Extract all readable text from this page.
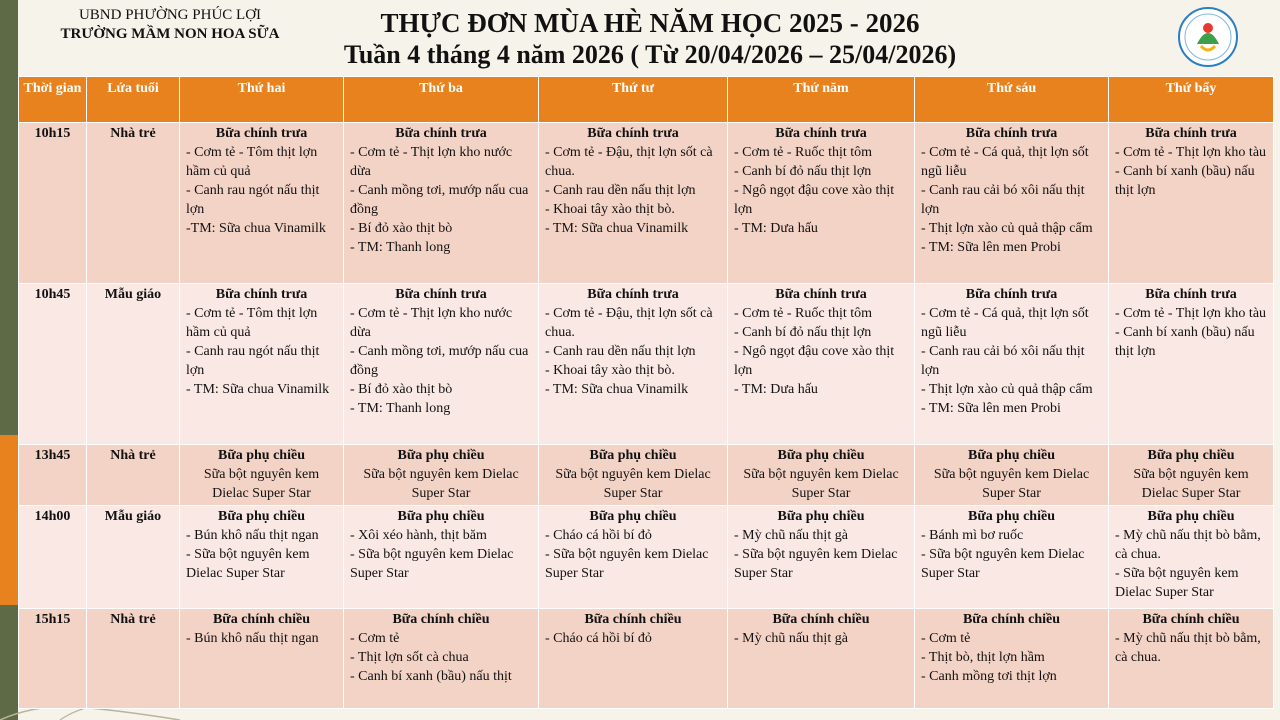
UBND PHƯỜNG PHÚC LỢI
TRƯỜNG MẦM NON HOA SỮA	THỰC ĐƠN MÙA HÈ NĂM HỌC 2025 - 2026
Tuần 4 tháng 4 năm 2026 ( Từ 20/04/2026 – 25/04/2026)
Thời gian	Lứa tuổi	Thứ hai	Thứ ba	Thứ tư	Thứ năm	Thứ sáu	Thứ bẩy
10h15	Nhà trẻ	Bữa chính trưa
- Cơm tẻ - Tôm thịt lợn hầm củ quả
- Canh rau ngót nấu thịt lợn
-TM: Sữa chua Vinamilk	Bữa chính trưa
- Cơm tẻ - Thịt lợn kho nước dừa
- Canh mồng tơi, mướp nấu cua đồng
- Bí đỏ xào thịt bò
- TM: Thanh long	Bữa chính trưa
- Cơm tẻ - Đậu, thịt lợn sốt cà chua.
- Canh rau dền nấu thịt lợn
- Khoai tây xào thịt bò.
- TM: Sữa chua Vinamilk	Bữa chính trưa
- Cơm tẻ - Ruốc thịt tôm
- Canh bí đỏ nấu thịt lợn
- Ngô ngọt đậu cove xào thịt lợn
- TM: Dưa hấu	Bữa chính trưa
- Cơm tẻ - Cá quả, thịt lợn sốt ngũ liễu
- Canh rau cải bó xôi nấu thịt lợn
- Thịt lợn xào củ quả thập cẩm
- TM: Sữa lên men Probi	Bữa chính trưa
- Cơm tẻ - Thịt lợn kho tàu
- Canh bí xanh (bầu) nấu thịt lợn

10h45	Mẫu giáo	Bữa chính trưa
- Cơm tẻ - Tôm thịt lợn hầm củ quả
- Canh rau ngót nấu thịt lợn
- TM: Sữa chua Vinamilk	Bữa chính trưa
- Cơm tẻ - Thịt lợn kho nước dừa
- Canh mồng tơi, mướp nấu cua đồng
- Bí đỏ xào thịt bò
- TM: Thanh long	Bữa chính trưa
- Cơm tẻ - Đậu, thịt lợn sốt cà chua.
- Canh rau dền nấu thịt lợn
- Khoai tây xào thịt bò.
- TM: Sữa chua Vinamilk	Bữa chính trưa
- Cơm tẻ - Ruốc thịt tôm
- Canh bí đỏ nấu thịt lợn
- Ngô ngọt đậu cove xào thịt lợn
- TM: Dưa hấu	Bữa chính trưa
- Cơm tẻ - Cá quả, thịt lợn sốt ngũ liễu
- Canh rau cải bó xôi nấu thịt lợn
- Thịt lợn xào củ quả thập cẩm
- TM: Sữa lên men Probi	Bữa chính trưa
- Cơm tẻ - Thịt lợn kho tàu
- Canh bí xanh (bầu) nấu thịt lợn

13h45	Nhà trẻ	Bữa phụ chiều
Sữa bột nguyên kem Dielac Super Star	Bữa phụ chiều
Sữa bột nguyên kem Dielac Super Star	Bữa phụ chiều
Sữa bột nguyên kem Dielac Super Star	Bữa phụ chiều
Sữa bột nguyên kem Dielac Super Star	Bữa phụ chiều
Sữa bột nguyên kem Dielac Super Star	Bữa phụ chiều
Sữa bột nguyên kem Dielac Super Star

14h00	Mẫu giáo	Bữa phụ chiều
- Bún khô nấu thịt ngan
- Sữa bột nguyên kem Dielac Super Star	Bữa phụ chiều
- Xôi xéo hành, thịt băm
- Sữa bột nguyên kem Dielac Super Star	Bữa phụ chiều
- Cháo cá hồi bí đỏ
- Sữa bột nguyên kem Dielac Super Star	Bữa phụ chiều
- Mỳ chũ nấu thịt gà
- Sữa bột nguyên kem Dielac Super Star	Bữa phụ chiều
- Bánh mì bơ ruốc
- Sữa bột nguyên kem Dielac Super Star	Bữa phụ chiều
- Mỳ chũ nấu thịt bò bằm, cà chua.
- Sữa bột nguyên kem Dielac Super Star

15h15	Nhà trẻ	Bữa chính chiều
- Bún khô nấu thịt ngan	Bữa chính chiều
- Cơm tẻ
- Thịt lợn sốt cà chua
- Canh bí xanh (bầu) nấu thịt	Bữa chính chiều
- Cháo cá hồi bí đỏ	Bữa chính chiều
- Mỳ chũ nấu thịt gà	Bữa chính chiều
- Cơm tẻ
- Thịt bò, thịt lợn hầm
- Canh mồng tơi thịt lợn	Bữa chính chiều
- Mỳ chũ nấu thịt bò bằm, cà chua.
